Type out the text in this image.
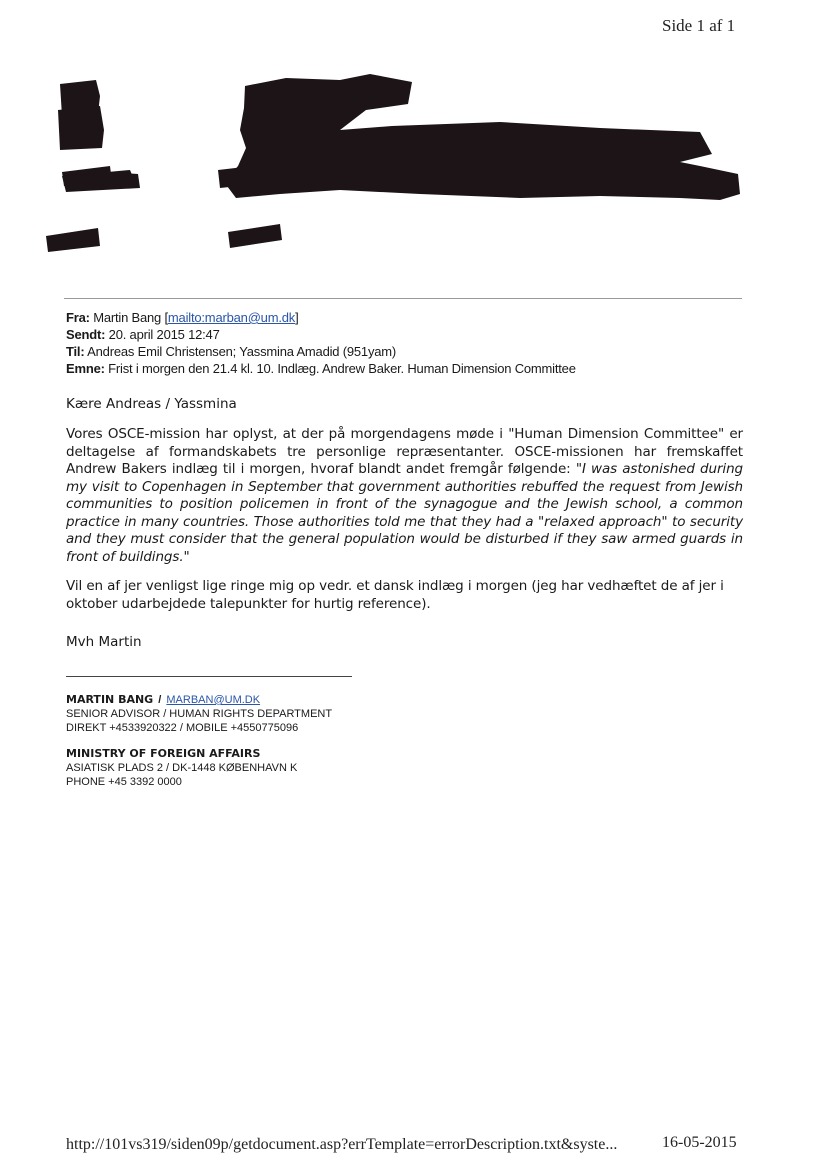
Side 1 af 1
Fra: Martin Bang [mailto:marban@um.dk]
Sendt: 20. april 2015 12:47
Til: Andreas Emil Christensen; Yassmina Amadid (951yam)
Emne: Frist i morgen den 21.4 kl. 10. Indlæg. Andrew Baker. Human Dimension Committee
Kære Andreas / Yassmina
Vores OSCE-mission har oplyst, at der på morgendagens møde i "Human Dimension Committee" er deltagelse af formandskabets tre personlige repræsentanter. OSCE-missionen har fremskaffet Andrew Bakers indlæg til i morgen, hvoraf blandt andet fremgår følgende: "I was astonished during my visit to Copenhagen in September that government authorities rebuffed the request from Jewish communities to position policemen in front of the synagogue and the Jewish school, a common practice in many countries. Those authorities told me that they had a "relaxed approach" to security and they must consider that the general population would be disturbed if they saw armed guards in front of buildings."
Vil en af jer venligst lige ringe mig op vedr. et dansk indlæg i morgen (jeg har vedhæftet de af jer i oktober udarbejdede talepunkter for hurtig reference).
Mvh Martin
MARTIN BANG / MARBAN@UM.DK
SENIOR ADVISOR / HUMAN RIGHTS DEPARTMENT
DIREKT +4533920322 / MOBILE +4550775096
MINISTRY OF FOREIGN AFFAIRS
ASIATISK PLADS 2 / DK-1448 KØBENHAVN K
PHONE +45 3392 0000
http://101vs319/siden09p/getdocument.asp?errTemplate=errorDescription.txt&syste...	16-05-2015
